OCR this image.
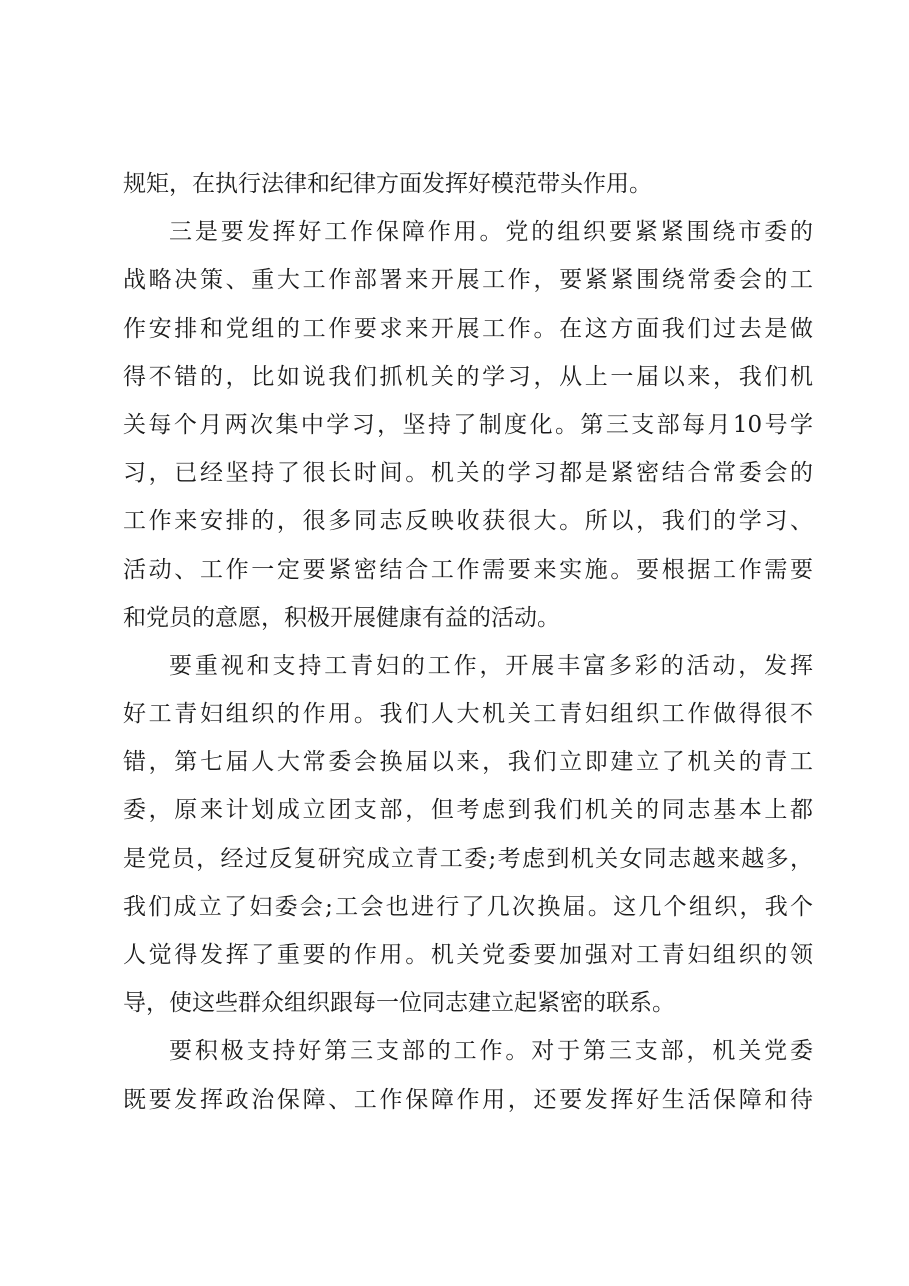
规矩，在执行法律和纪律方面发挥好模范带头作用。
三是要发挥好工作保障作用。党的组织要紧紧围绕市委的
战略决策、重大工作部署来开展工作，要紧紧围绕常委会的工
作安排和党组的工作要求来开展工作。在这方面我们过去是做
得不错的，比如说我们抓机关的学习，从上一届以来，我们机
关每个月两次集中学习，坚持了制度化。第三支部每月10号学
习，已经坚持了很长时间。机关的学习都是紧密结合常委会的
工作来安排的，很多同志反映收获很大。所以，我们的学习、
活动、工作一定要紧密结合工作需要来实施。要根据工作需要
和党员的意愿，积极开展健康有益的活动。
要重视和支持工青妇的工作，开展丰富多彩的活动，发挥
好工青妇组织的作用。我们人大机关工青妇组织工作做得很不
错，第七届人大常委会换届以来，我们立即建立了机关的青工
委，原来计划成立团支部，但考虑到我们机关的同志基本上都
是党员，经过反复研究成立青工委;考虑到机关女同志越来越多，
我们成立了妇委会;工会也进行了几次换届。这几个组织，我个
人觉得发挥了重要的作用。机关党委要加强对工青妇组织的领
导，使这些群众组织跟每一位同志建立起紧密的联系。
要积极支持好第三支部的工作。对于第三支部，机关党委
既要发挥政治保障、工作保障作用，还要发挥好生活保障和待
